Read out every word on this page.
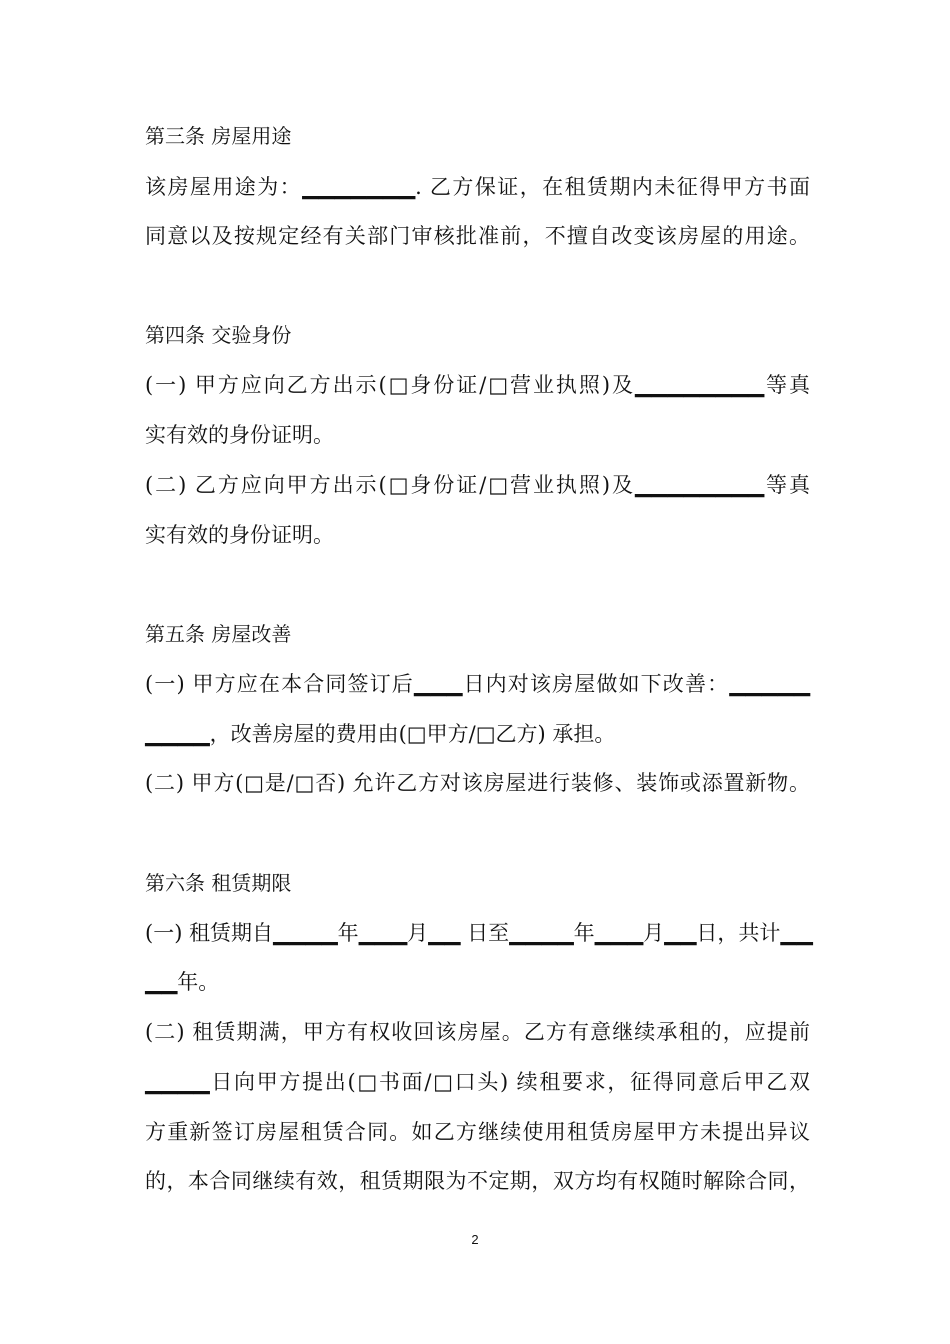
第三条 房屋用途
该房屋用途为：▁▁▁▁▁▁▁. 乙方保证，在租赁期内未征得甲方书面
同意以及按规定经有关部门审核批准前，不擅自改变该房屋的用途。
第四条 交验身份
(一) 甲方应向乙方出示(□身份证/□营业执照)及▁▁▁▁▁▁▁▁等真
实有效的身份证明。
(二) 乙方应向甲方出示(□身份证/□营业执照)及▁▁▁▁▁▁▁▁等真
实有效的身份证明。
第五条 房屋改善
(一) 甲方应在本合同签订后▁▁▁日内对该房屋做如下改善：▁▁▁▁▁
▁▁▁▁，改善房屋的费用由(□甲方/□乙方) 承担。
(二) 甲方(□是/□否) 允许乙方对该房屋进行装修、装饰或添置新物。
第六条 租赁期限
(一) 租赁期自▁▁▁▁年▁▁▁月▁▁ 日至▁▁▁▁年▁▁▁月▁▁日，共计▁▁
▁▁年。
(二) 租赁期满，甲方有权收回该房屋。乙方有意继续承租的，应提前
▁▁▁▁日向甲方提出(□书面/□口头) 续租要求，征得同意后甲乙双
方重新签订房屋租赁合同。如乙方继续使用租赁房屋甲方未提出异议
的，本合同继续有效，租赁期限为不定期，双方均有权随时解除合同，
2
